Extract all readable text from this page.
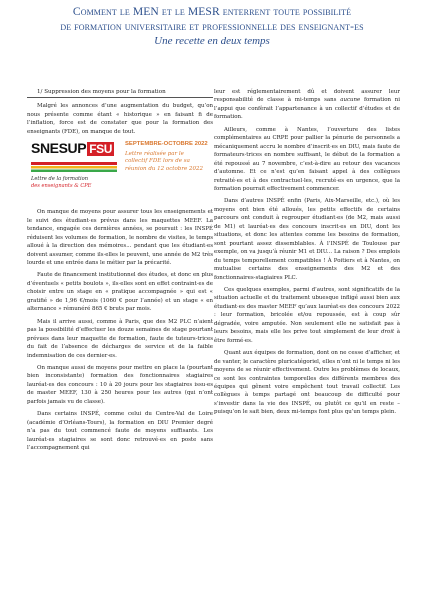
Comment le MEN et le MESR enterrent toute possibilité
de formation universitaire et professionnelle des enseignant-es
Une recette en deux temps

1/ Suppression des moyens pour la formation

Malgré les annonces d’une augmentation du budget, qu’on nous présente comme étant « historique » en faisant fi de l’inflation, force est de constater que pour la formation des enseignants (FDE), on manque de tout.

SNESUP FSU
Lettre de la formation
des enseignants & CPE
SEPTEMBRE-OCTOBRE 2022
Lettre réalisée par le collectif FDE lors de sa réunion du 12 octobre 2022

On manque de moyens pour assurer tous les enseignements et le suivi des étudiant·es prévus dans les maquettes MEEF. La tendance, engagée ces dernières années, se poursuit : les INSPÉ réduisent les volumes de formation, le nombre de visites, le temps alloué à la direction des mémoires... pendant que les étudiant·es doivent assumer, comme ils·elles le peuvent, une année de M2 très lourde et une entrée dans le métier par la précarité.

Faute de financement institutionnel des études, et donc en plus d’éventuels « petits boulots », ils·elles sont en effet contraint·es de choisir entre un stage en « pratique accompagnée » qui est « gratifié » de 1,96 €/mois (1060 € pour l’année) et un stage « en alternance » rémunéré 865 € bruts par mois.

Mais il arrive aussi, comme à Paris, que des M2 PLC n’aient pas la possibilité d’effectuer les douze semaines de stage pourtant prévues dans leur maquette de formation, faute de tuteurs-trices du fait de l’absence de décharges de service et de la faible indemnisation de ces dernier·es.

On manque aussi de moyens pour mettre en place la (pourtant bien inconsistante) formation des fonctionnaires stagiaires lauréat·es des concours : 10 à 20 jours pour les stagiaires issu·es de master MEEF, 130 à 250 heures pour les autres (qui n’ont parfois jamais vu de classe).

Dans certains INSPÉ, comme celui du Centre-Val de Loire (académie d’Orléans-Tours), la formation en DIU Premier degré n’a pas du tout commencé faute de moyens suffisants. Les lauréat·es stagiaires se sont donc retrouvé·es en poste sans l’accompagnement qui

leur est réglementairement dû et doivent assurer leur responsabilité de classe à mi-temps sans aucune formation ni l’appui que confèrait l’appartenance à un collectif d’études et de formation.

Ailleurs, comme à Nantes, l’ouverture des listes complémentaires au CRPE pour pallier la pénurie de personnels a mécaniquement accru le nombre d’inscrit·es en DIU, mais faute de formateurs·trices en nombre suffisant, le début de la formation a été repoussé au 7 novembre, c’est-à-dire au retour des vacances d’automne. Et ce n’est qu’en faisant appel à des collègues retraité·es et à des contractuel·les, recruté·es en urgence, que la formation pourrait effectivement commencer.

Dans d’autres INSPÉ enfin (Paris, Aix-Marseille, etc.), où les moyens ont bien été alloués, les petits effectifs de certains parcours ont conduit à regrouper étudiant·es (de M2, mais aussi de M1) et lauréat·es des concours inscrit·es en DIU, dont les situations, et donc les attentes comme les besoins de formation, sont pourtant assez dissemblables. À l’INSPÉ de Toulouse par exemple, on va jusqu’à réunir M1 et DIU... La raison ? Des emplois du temps temporellement compatibles ! À Poitiers et à Nantes, on mutualise certains des enseignements des M2 et des fonctionnaires-stagiaires PLC.

Ces quelques exemples, parmi d’autres, sont significatifs de la situation actuelle et du traitement ubuesque infligé aussi bien aux étudiant·es des master MEEF qu’aux lauréat·es des concours 2022 : leur formation, bricolée et/ou repoussée, est à coup sûr dégradée, voire amputée. Non seulement elle ne satisfait pas à leurs besoins, mais elle les prive tout simplement de leur droit à être formé·es.

Quant aux équipes de formation, dont on ne cesse d’afficher, et de vanter, le caractère pluricatégoriel, elles n’ont ni le temps ni les moyens de se réunir effectivement. Outre les problèmes de locaux, ce sont les contraintes temporelles des différents membres des équipes qui gênent voire empêchent tout travail collectif. Les collègues à temps partagé ont beaucoup de difficulté pour s’investir dans la vie des INSPÉ, ou plutôt ce qu’il en reste – puisqu’on le sait bien, deux mi-temps font plus qu’un temps plein.
